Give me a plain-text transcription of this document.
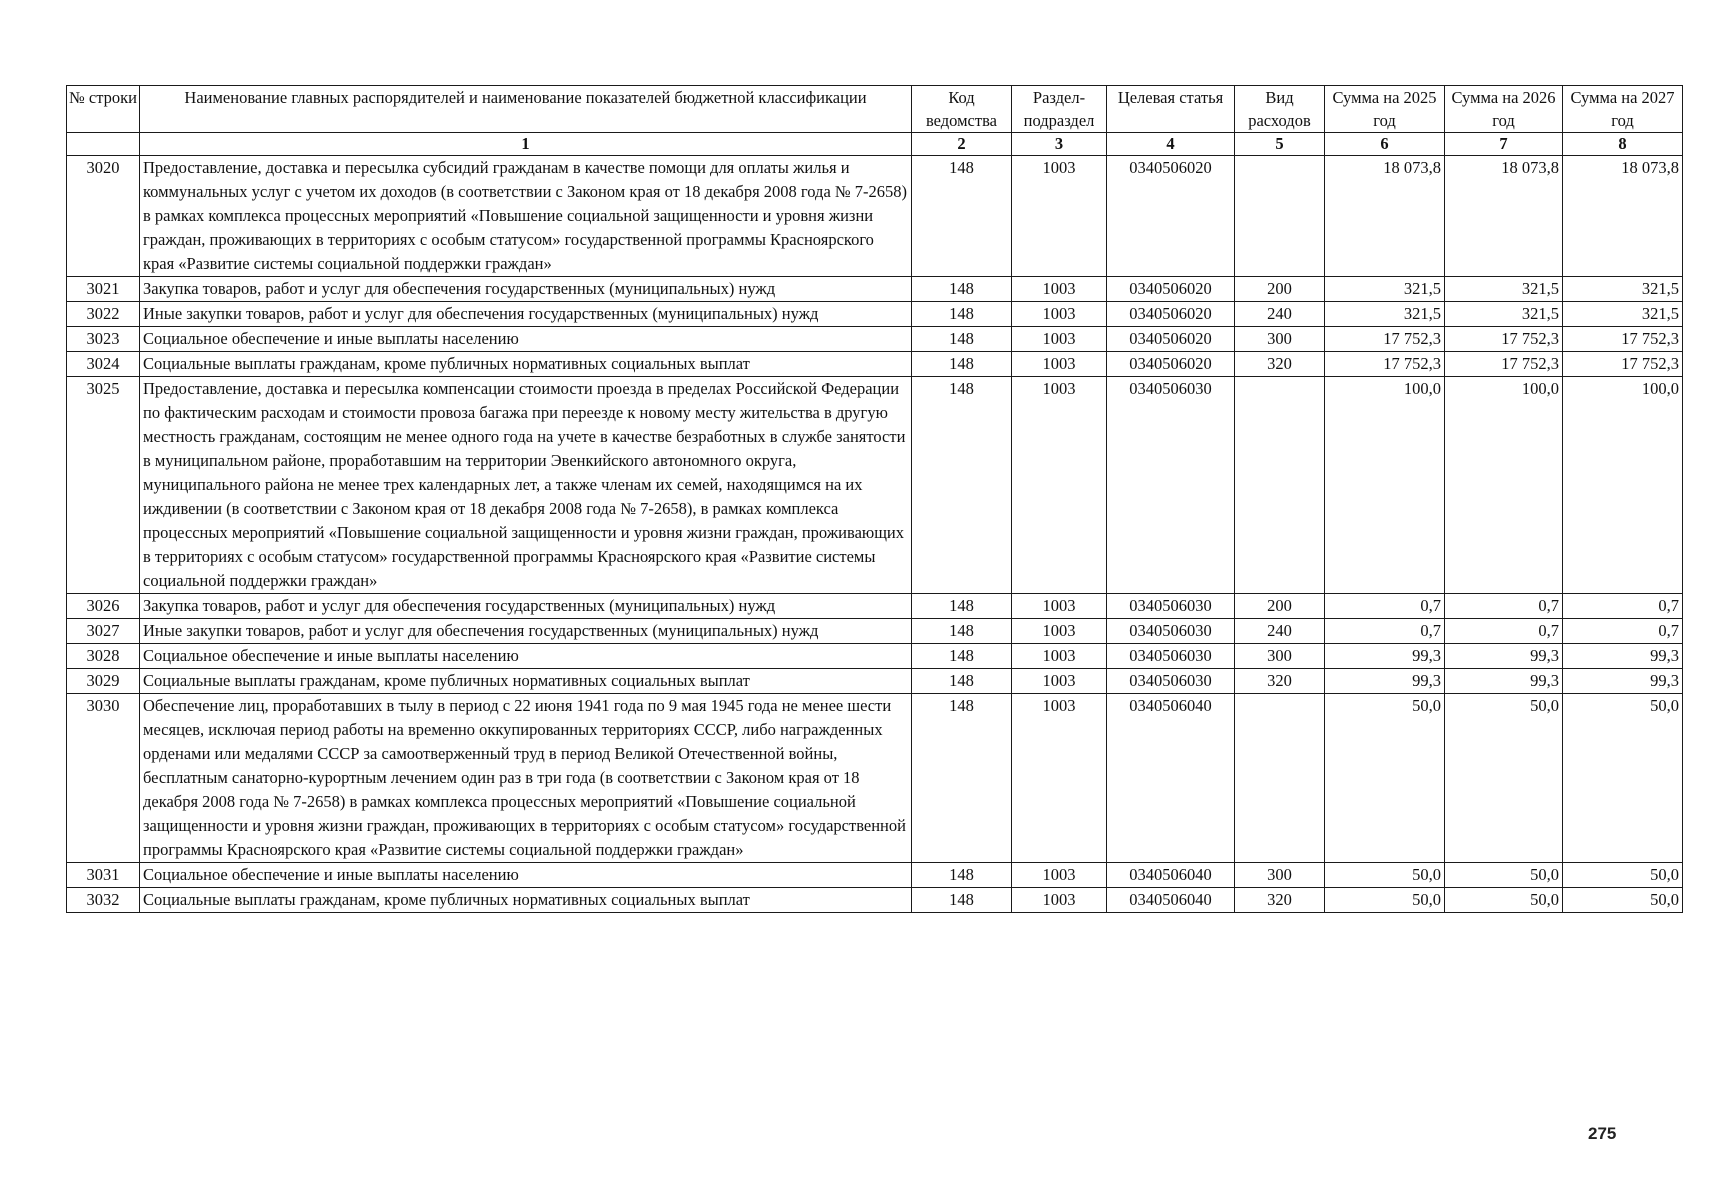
№ строки	Наименование главных распорядителей и наименование показателей бюджетной классификации	Код ведомства	Раздел-подраздел	Целевая статья	Вид расходов	Сумма на 2025 год	Сумма на 2026 год	Сумма на 2027 год
	1	2	3	4	5	6	7	8
3020	Предоставление, доставка и пересылка субсидий гражданам в качестве помощи для оплаты жилья и коммунальных услуг с учетом их доходов (в соответствии с Законом края от 18 декабря 2008 года № 7-2658) в рамках комплекса процессных мероприятий «Повышение социальной защищенности и уровня жизни граждан, проживающих в территориях с особым статусом» государственной программы Красноярского края «Развитие системы социальной поддержки граждан»	148	1003	0340506020		18 073,8	18 073,8	18 073,8
3021	Закупка товаров, работ и услуг для обеспечения государственных (муниципальных) нужд	148	1003	0340506020	200	321,5	321,5	321,5
3022	Иные закупки товаров, работ и услуг для обеспечения государственных (муниципальных) нужд	148	1003	0340506020	240	321,5	321,5	321,5
3023	Социальное обеспечение и иные выплаты населению	148	1003	0340506020	300	17 752,3	17 752,3	17 752,3
3024	Социальные выплаты гражданам, кроме публичных нормативных социальных выплат	148	1003	0340506020	320	17 752,3	17 752,3	17 752,3
3025	Предоставление, доставка и пересылка компенсации стоимости проезда в пределах Российской Федерации по фактическим расходам и стоимости провоза багажа при переезде к новому месту жительства в другую местность гражданам, состоящим не менее одного года на учете в качестве безработных в службе занятости в муниципальном районе, проработавшим на территории Эвенкийского автономного округа, муниципального района не менее трех календарных лет, а также членам их семей, находящимся на их иждивении (в соответствии с Законом края от 18 декабря 2008 года № 7-2658), в рамках комплекса процессных мероприятий «Повышение социальной защищенности и уровня жизни граждан, проживающих в территориях с особым статусом» государственной программы Красноярского края «Развитие системы социальной поддержки граждан»	148	1003	0340506030		100,0	100,0	100,0
3026	Закупка товаров, работ и услуг для обеспечения государственных (муниципальных) нужд	148	1003	0340506030	200	0,7	0,7	0,7
3027	Иные закупки товаров, работ и услуг для обеспечения государственных (муниципальных) нужд	148	1003	0340506030	240	0,7	0,7	0,7
3028	Социальное обеспечение и иные выплаты населению	148	1003	0340506030	300	99,3	99,3	99,3
3029	Социальные выплаты гражданам, кроме публичных нормативных социальных выплат	148	1003	0340506030	320	99,3	99,3	99,3
3030	Обеспечение лиц, проработавших в тылу в период с 22 июня 1941 года по 9 мая 1945 года не менее шести месяцев, исключая период работы на временно оккупированных территориях СССР, либо награжденных орденами или медалями СССР за самоотверженный труд в период Великой Отечественной войны, бесплатным санаторно-курортным лечением один раз в три года (в соответствии с Законом края от 18 декабря 2008 года № 7-2658) в рамках комплекса процессных мероприятий «Повышение социальной защищенности и уровня жизни граждан, проживающих в территориях с особым статусом» государственной программы Красноярского края «Развитие системы социальной поддержки граждан»	148	1003	0340506040		50,0	50,0	50,0
3031	Социальное обеспечение и иные выплаты населению	148	1003	0340506040	300	50,0	50,0	50,0
3032	Социальные выплаты гражданам, кроме публичных нормативных социальных выплат	148	1003	0340506040	320	50,0	50,0	50,0
275
